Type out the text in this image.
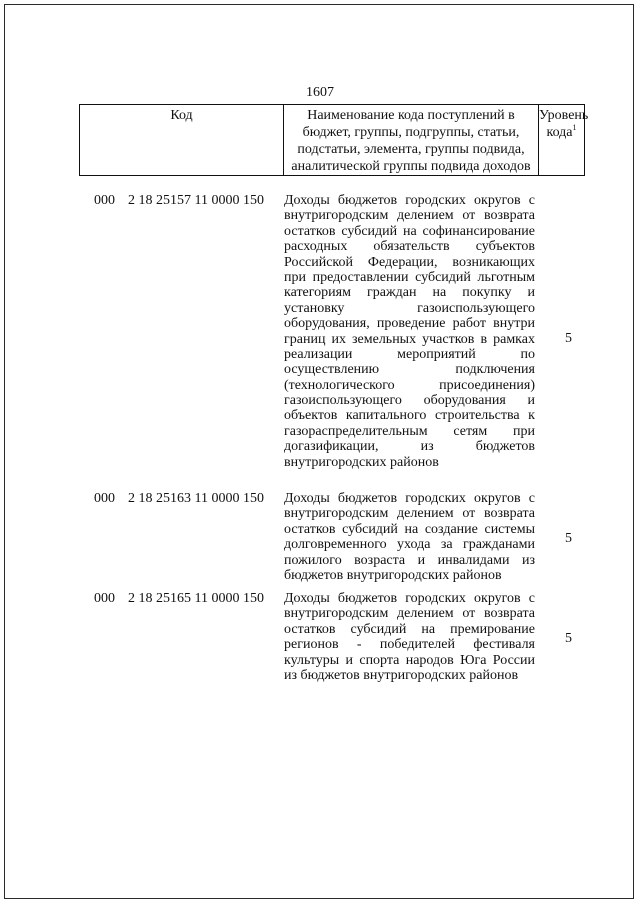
1607
Код	Наименование кода поступлений в
бюджет, группы, подгруппы, статьи,
подстатьи, элемента, группы подвида,
аналитической группы подвида доходов
Уровень
кода$^1$
000 2 18 25157 11 0000 150 Доходы бюджетов городских округов с
внутригородским делением от возврата
остатков субсидий на софинансирование
расходных обязательств субъектов
Российской Федерации, возникающих
при предоставлении субсидий льготным
категориям граждан на покупку и
установку газоиспользующего
оборудования, проведение работ внутри
границ их земельных участков в рамках
реализации мероприятий по
осуществлению подключения
(технологического присоединения)
газоиспользующего оборудования и
объектов капитального строительства к
газораспределительным сетям при
догазификации, из бюджетов
внутригородских районов
5
000 2 18 25163 11 0000 150 Доходы бюджетов городских округов с
внутригородским делением от возврата
остатков субсидий на создание системы
долговременного ухода за гражданами
пожилого возраста и инвалидами из
бюджетов внутригородских районов
5
000 2 18 25165 11 0000 150 Доходы бюджетов городских округов с
внутригородским делением от возврата
остатков субсидий на премирование
регионов - победителей фестиваля
культуры и спорта народов Юга России
из бюджетов внутригородских районов
5
